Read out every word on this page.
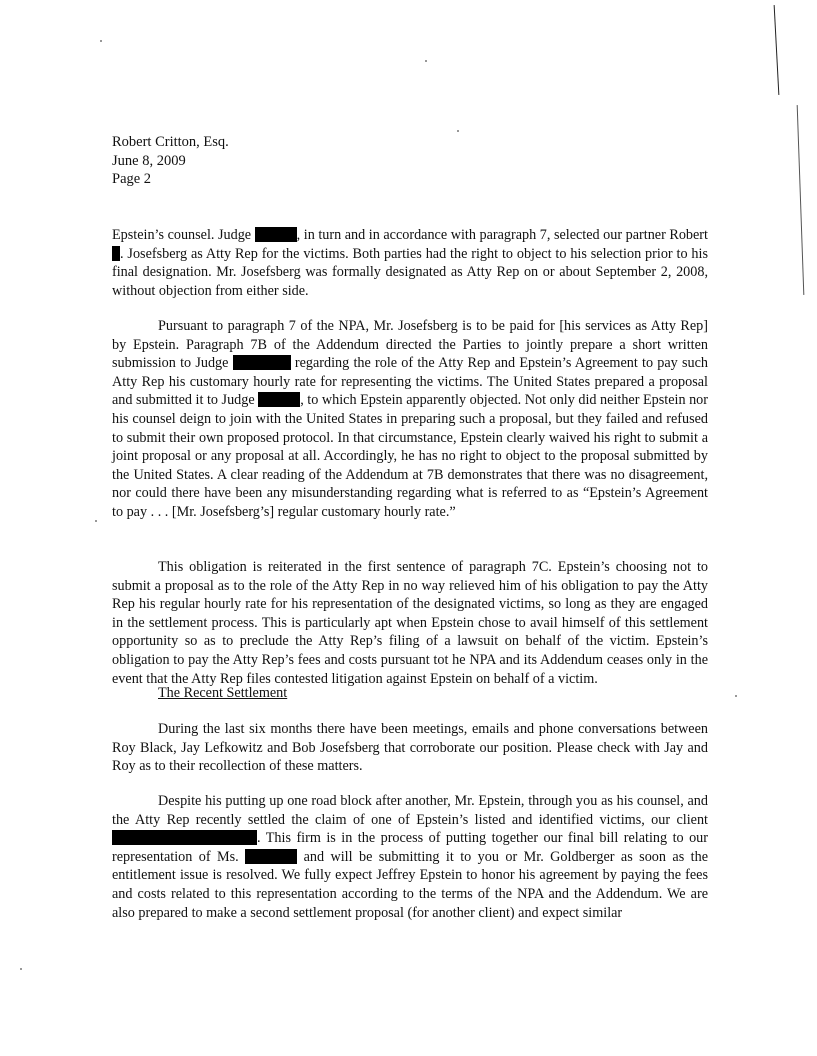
Robert Critton, Esq.
June 8, 2009
Page 2

Epstein’s counsel. Judge	, in turn and in accordance with paragraph 7, selected our partner Robert . Josefsberg as Atty Rep for the victims. Both parties had the right to object to his selection prior to his final designation. Mr. Josefsberg was formally designated as Atty Rep on or about September 2, 2008, without objection from either side.

Pursuant to paragraph 7 of the NPA, Mr. Josefsberg is to be paid for [his services as Atty Rep] by Epstein. Paragraph 7B of the Addendum directed the Parties to jointly prepare a short written submission to Judge	regarding the role of the Atty Rep and Epstein’s Agreement to pay such Atty Rep his customary hourly rate for representing the victims. The United States prepared a proposal and submitted it to Judge	, to which Epstein apparently objected. Not only did neither Epstein nor his counsel deign to join with the United States in preparing such a proposal, but they failed and refused to submit their own proposed protocol. In that circumstance, Epstein clearly waived his right to submit a joint proposal or any proposal at all. Accordingly, he has no right to object to the proposal submitted by the United States. A clear reading of the Addendum at 7B demonstrates that there was no disagreement, nor could there have been any misunderstanding regarding what is referred to as “Epstein’s Agreement to pay . . . [Mr. Josefsberg’s] regular customary hourly rate.”

This obligation is reiterated in the first sentence of paragraph 7C. Epstein’s choosing not to submit a proposal as to the role of the Atty Rep in no way relieved him of his obligation to pay the Atty Rep his regular hourly rate for his representation of the designated victims, so long as they are engaged in the settlement process. This is particularly apt when Epstein chose to avail himself of this settlement opportunity so as to preclude the Atty Rep’s filing of a lawsuit on behalf of the victim. Epstein’s obligation to pay the Atty Rep’s fees and costs pursuant tot he NPA and its Addendum ceases only in the event that the Atty Rep files contested litigation against Epstein on behalf of a victim.

The Recent Settlement

During the last six months there have been meetings, emails and phone conversations between Roy Black, Jay Lefkowitz and Bob Josefsberg that corroborate our position. Please check with Jay and Roy as to their recollection of these matters.

Despite his putting up one road block after another, Mr. Epstein, through you as his counsel, and the Atty Rep recently settled the claim of one of Epstein’s listed and identified victims, our client . This firm is in the process of putting together our final bill relating to our representation of Ms.	and will be submitting it to you or Mr. Goldberger as soon as the entitlement issue is resolved. We fully expect Jeffrey Epstein to honor his agreement by paying the fees and costs related to this representation according to the terms of the NPA and the Addendum. We are also prepared to make a second settlement proposal (for another client) and expect similar
